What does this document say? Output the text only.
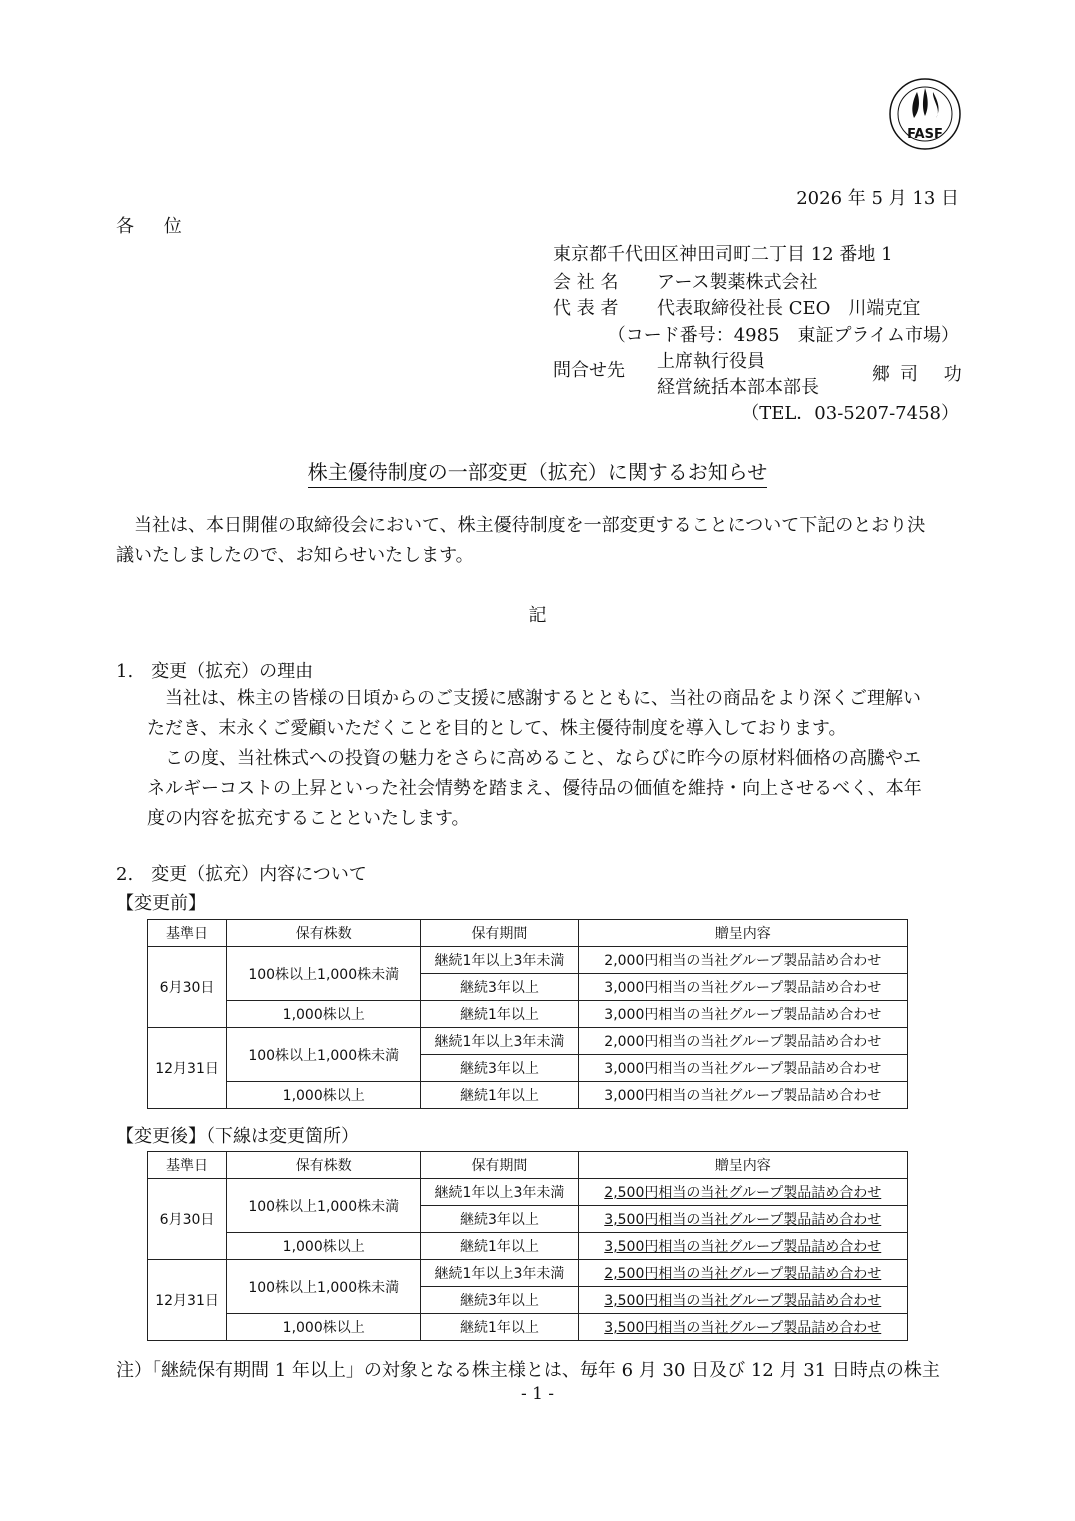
FASF
2026 年 5 月 13 日
各 位
東京都千代田区神田司町二丁目 12 番地 1
会 社 名 アース製薬株式会社
代 表 者 代表取締役社長 CEO　川端克宜
（コード番号：4985　東証プライム市場）
問合せ先 上席執行役員
経営統括本部本部長
郷司 功
（TEL．03‐5207‐7458）
株主優待制度の一部変更（拡充）に関するお知らせ
　当社は、本日開催の取締役会において、株主優待制度を一部変更することについて下記のとおり決
議いたしましたので、お知らせいたします。
記
1.　変更（拡充）の理由
　当社は、株主の皆様の日頃からのご支援に感謝するとともに、当社の商品をより深くご理解い
ただき、末永くご愛顧いただくことを目的として、株主優待制度を導入しております。
　この度、当社株式への投資の魅力をさらに高めること、ならびに昨今の原材料価格の高騰やエ
ネルギーコストの上昇といった社会情勢を踏まえ、優待品の価値を維持・向上させるべく、本年
度の内容を拡充することといたします。
2.　変更（拡充）内容について
【変更前】
基準日	保有株数	保有期間	贈呈内容
6月30日	100株以上1,000株未満	継続1年以上3年未満	2,000円相当の当社グループ製品詰め合わせ
		継続3年以上	3,000円相当の当社グループ製品詰め合わせ
	1,000株以上	継続1年以上	3,000円相当の当社グループ製品詰め合わせ
12月31日	100株以上1,000株未満	継続1年以上3年未満	2,000円相当の当社グループ製品詰め合わせ
		継続3年以上	3,000円相当の当社グループ製品詰め合わせ
	1,000株以上	継続1年以上	3,000円相当の当社グループ製品詰め合わせ
【変更後】（下線は変更箇所）
基準日	保有株数	保有期間	贈呈内容
6月30日	100株以上1,000株未満	継続1年以上3年未満	2,500円相当の当社グループ製品詰め合わせ
		継続3年以上	3,500円相当の当社グループ製品詰め合わせ
	1,000株以上	継続1年以上	3,500円相当の当社グループ製品詰め合わせ
12月31日	100株以上1,000株未満	継続1年以上3年未満	2,500円相当の当社グループ製品詰め合わせ
		継続3年以上	3,500円相当の当社グループ製品詰め合わせ
	1,000株以上	継続1年以上	3,500円相当の当社グループ製品詰め合わせ
注）「継続保有期間 1 年以上」の対象となる株主様とは、毎年 6 月 30 日及び 12 月 31 日時点の株主
- 1 -
